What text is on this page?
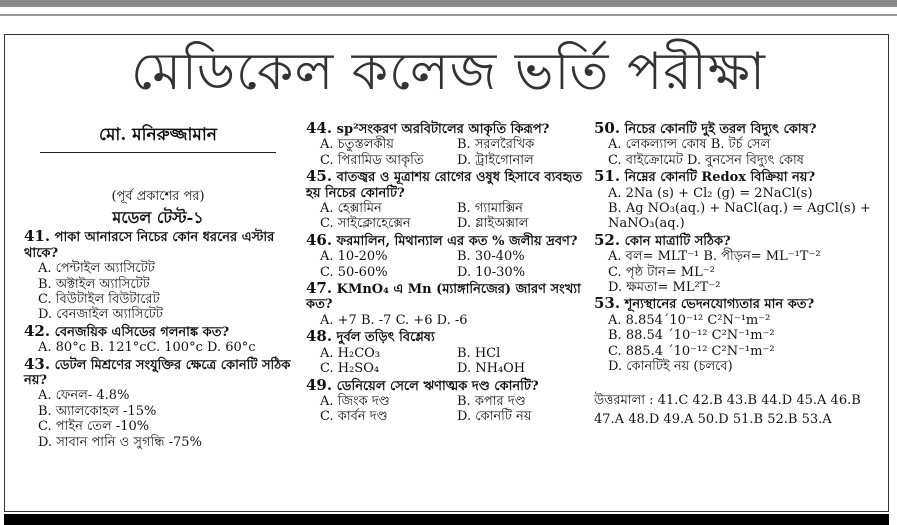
মেডিকেল কলেজ ভর্তি পরীক্ষা
মো. মনিরুজ্জামান
(পূর্ব প্রকাশের পর)
মডেল টেস্ট-১
41. পাকা আনারসে নিচের কোন ধরনের এস্টার থাকে?
A. পেন্টাইল অ্যাসিটেট
B. অক্টাইল অ্যাসিটেট
C. বিউটাইল বিউটারেট
D. বেনজাইল অ্যাসিটেট
42. বেনজয়িক এসিডের গলনাঙ্ক কত?
A. 80°c B. 121°cC. 100°c D. 60°c
43. ডেটল মিশ্রণের সংযুক্তির ক্ষেত্রে কোনটি সঠিক নয়?
A. ফেনল- 4.8%
B. অ্যালকোহল -15%
C. পাইন তেল -10%
D. সাবান পানি ও সুগন্ধি -75%
44. sp²সংকরণ অরবিটালের আকৃতি কিরূপ?
A. চতুস্তলকীয়	B. সরলরৈখিক
C. পিরামিড আকৃতি	D. ট্রাইগোনাল
45. বাতজ্বর ও মূত্রাশয় রোগের ওষুধ হিসাবে ব্যবহৃত হয় নিচের কোনটি?
A. হেক্সামিন	B. গ্যামাক্সিন
C. সাইক্লোহেক্সেন	D. গ্লাইঅক্সাল
46. ফরমালিন, মিথান্যাল এর কত % জলীয় দ্রবণ?
A. 10-20%	B. 30-40%
C. 50-60%	D. 10-30%
47. KMnO₄ এ Mn (ম্যাঙ্গানিজের) জারণ সংখ্যা কত?
A. +7 B. -7 C. +6 D. -6
48. দুর্বল তড়িৎ বিশ্লেষ্য
A. H₂CO₃	B. HCl
C. H₂SO₄	D. NH₄OH
49. ডেনিয়েল সেলে ঋণাত্মক দণ্ড কোনটি?
A. জিংক দণ্ড	B. কপার দণ্ড
C. কার্বন দণ্ড	D. কোনটি নয়
50. নিচের কোনটি দুই তরল বিদ্যুৎ কোষ?
A. লেকল্যান্স কোষ B. টর্চ সেল
C. বাইক্রোমেট D. বুনসেন বিদ্যুৎ কোষ
51. নিম্নের কোনটি Redox বিক্রিয়া নয়?
A. 2Na (s) + Cl₂ (g) = 2NaCl(s)
B. Ag NO₃(aq.) + NaCl(aq.) = AgCl(s) + NaNO₃(aq.)
52. কোন মাত্রাটি সঠিক?
A. বল= MLT⁻¹ B. পীড়ন= ML⁻¹T⁻²
C. পৃষ্ঠ টান= ML⁻²
D. ক্ষমতা= ML²T⁻²
53. শূন্যস্থানের ভেদনযোগ্যতার মান কত?
A. 8.854´10⁻¹² C²N⁻¹m⁻²
B. 88.54 ´10⁻¹² C²N⁻¹m⁻²
C. 885.4 ´10⁻¹² C²N⁻¹m⁻²
D. কোনটিই নয় (চলবে)
উত্তরমালা : 41.C 42.B 43.B 44.D 45.A 46.B 47.A 48.D 49.A 50.D 51.B 52.B 53.A
